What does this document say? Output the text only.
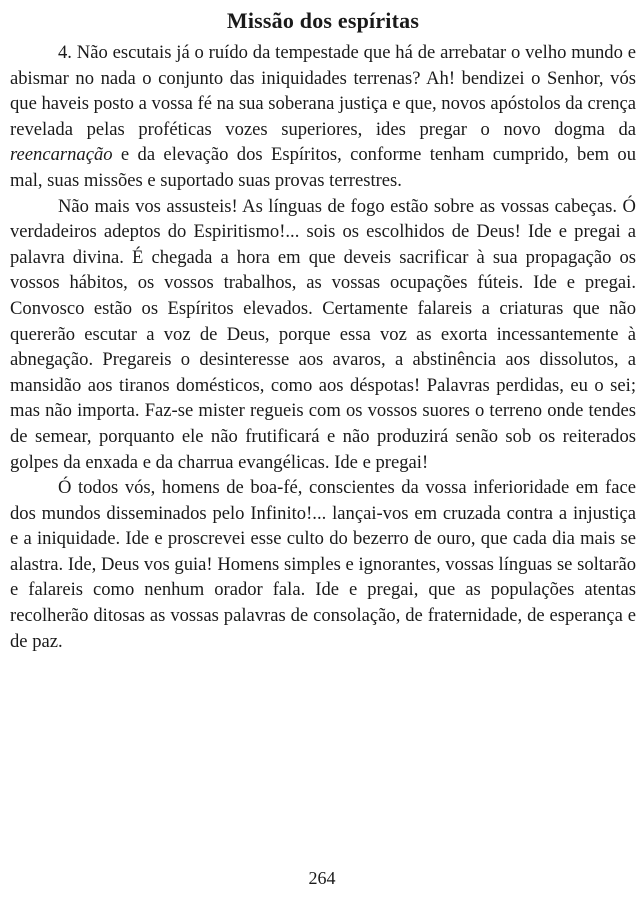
Missão dos espíritas

4. Não escutais já o ruído da tempestade que há de arrebatar o velho mundo e abismar no nada o conjunto das iniquidades terrenas? Ah! bendizei o Senhor, vós que haveis posto a vossa fé na sua soberana justiça e que, novos apóstolos da crença revelada pelas proféticas vozes superiores, ides pregar o novo dogma da reencarnação e da elevação dos Espíritos, conforme tenham cumprido, bem ou mal, suas missões e suportado suas provas terrestres.

Não mais vos assusteis! As línguas de fogo estão sobre as vossas cabeças. Ó verdadeiros adeptos do Espiritismo!... sois os escolhidos de Deus! Ide e pregai a palavra divina. É chegada a hora em que deveis sacrificar à sua propagação os vossos hábitos, os vossos trabalhos, as vossas ocupações fúteis. Ide e pregai. Convosco estão os Espíritos elevados. Certamente falareis a criaturas que não quererão escutar a voz de Deus, porque essa voz as exorta incessantemente à abnegação. Pregareis o desinteresse aos avaros, a abstinência aos dissolutos, a mansidão aos tiranos domésticos, como aos déspotas! Palavras perdidas, eu o sei; mas não importa. Faz-se mister regueis com os vossos suores o terreno onde tendes de semear, porquanto ele não frutificará e não produzirá senão sob os reiterados golpes da enxada e da charrua evangélicas. Ide e pregai!

Ó todos vós, homens de boa-fé, conscientes da vossa inferioridade em face dos mundos disseminados pelo Infinito!... lançai-vos em cruzada contra a injustiça e a iniquidade. Ide e proscrevei esse culto do bezerro de ouro, que cada dia mais se alastra. Ide, Deus vos guia! Homens simples e ignorantes, vossas línguas se soltarão e falareis como nenhum orador fala. Ide e pregai, que as populações atentas recolherão ditosas as vossas palavras de consolação, de fraternidade, de esperança e de paz.

264
